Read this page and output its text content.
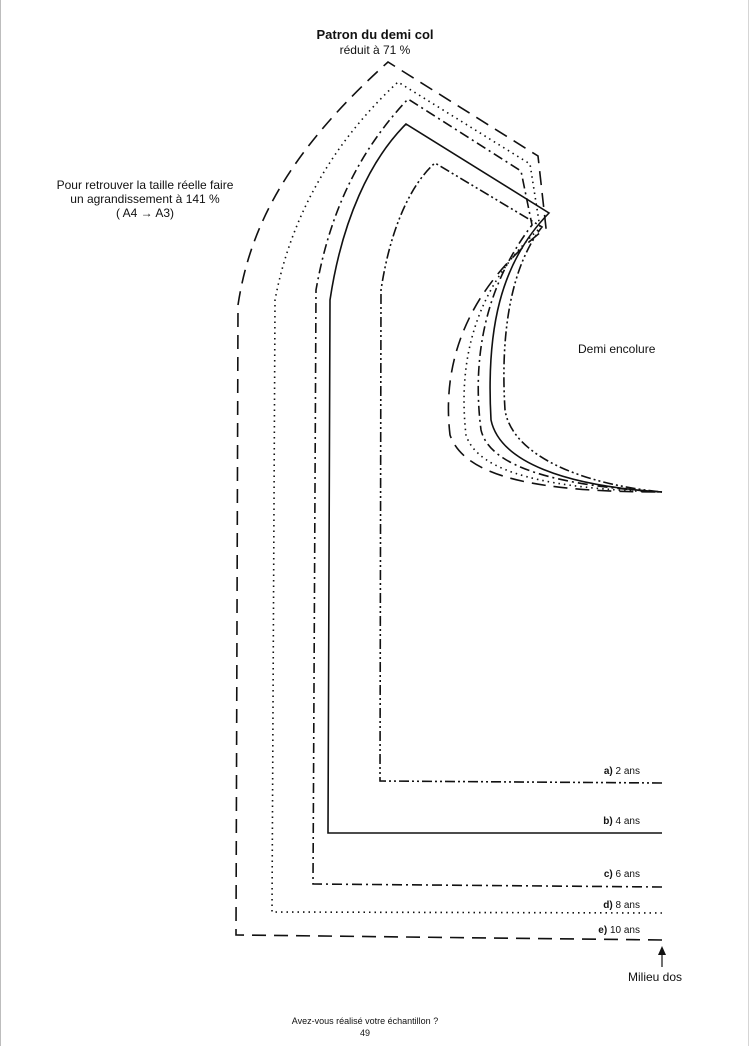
Patron du demi col
réduit à 71 %
Pour retrouver la taille réelle faire
un agrandissement à 141 %
( A4 → A3)
Demi encolure
a) 2 ans
b) 4 ans
c) 6 ans
d) 8 ans
e) 10 ans
Milieu dos
Avez-vous réalisé votre échantillon ?
49
